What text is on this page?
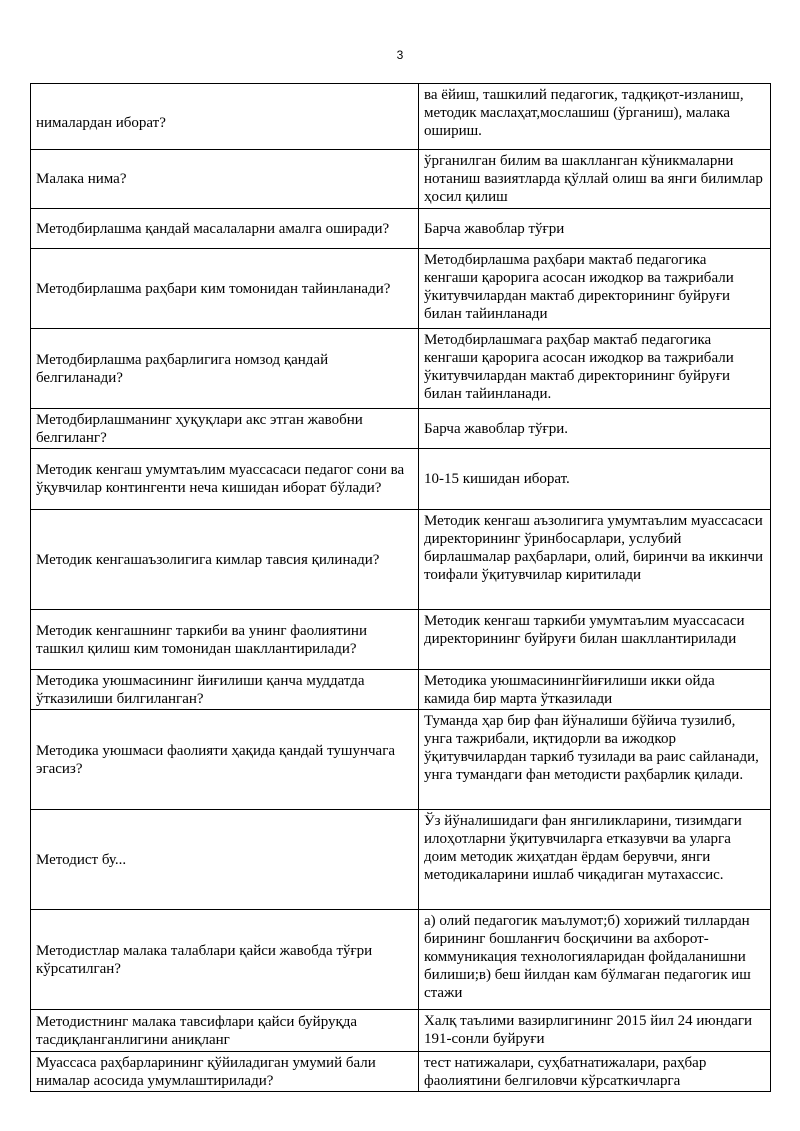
3
нималардан иборат?	ва ёйиш, ташкилий педагогик, тадқиқот-изланиш, методик маслаҳат,мослашиш (ўрганиш), малака ошириш.
Малака нима?	ўрганилган билим ва шаклланган кўникмаларни нотаниш вазиятларда қўллай олиш ва янги билимлар ҳосил қилиш
Методбирлашма қандай масалаларни амалга оширади?	Барча жавоблар тўғри
Методбирлашма раҳбари ким томонидан тайинланади?	Методбирлашма раҳбари мактаб педагогика кенгаши қарорига асосан ижодкор ва тажрибали ўкитувчилардан мактаб директорининг буйруғи билан тайинланади
Методбирлашма раҳбарлигига номзод қандай белгиланади?	Методбирлашмага раҳбар мактаб педагогика кенгаши қарорига асосан ижодкор ва тажрибали ўкитувчилардан мактаб директорининг буйруғи билан тайинланади.
Методбирлашманинг ҳуқуқлари акс этган жавобни белгиланг?	Барча жавоблар тўғри.
Методик кенгаш умумтаълим муассасаси педагог сони ва ўқувчилар контингенти неча кишидан иборат бўлади?	10-15 кишидан иборат.
Методик кенгашаъзолигига кимлар тавсия қилинади?	Методик кенгаш аъзолигига умумтаълим муассасаси директорининг ўринбосарлари, услубий бирлашмалар раҳбарлари, олий, биринчи ва иккинчи тоифали ўқитувчилар киритилади
Методик кенгашнинг таркиби ва унинг фаолиятини ташкил қилиш ким томонидан шакллантирилади?	Методик кенгаш таркиби умумтаълим муассасаси директорининг буйруғи билан шакллантирилади
Методика уюшмасининг йиғилиши қанча муддатда ўтказилиши билгиланган?	Методика уюшмасинингйиғилиши икки ойда камида бир марта ўтказилади
Методика уюшмаси фаолияти ҳақида қандай тушунчага эгасиз?	Туманда ҳар бир фан йўналиши бўйича тузилиб, унга тажрибали, иқтидорли ва ижодкор ўқитувчилардан таркиб тузилади ва раис сайланади, унга тумандаги фан методисти раҳбарлик қилади.
Методист бу...	Ўз йўналишидаги фан янгиликларини, тизимдаги илоҳотларни ўқитувчиларга етказувчи ва уларга доим методик жиҳатдан ёрдам берувчи, янги методикаларини ишлаб чиқадиган мутахассис.
Методистлар малака талаблари қайси жавобда тўғри кўрсатилган?	а) олий педагогик маълумот;б) хорижий тиллардан бирининг бошланғич босқичини ва ахборот-коммуникация технологияларидан фойдаланишни билиши;в) беш йилдан кам бўлмаган педагогик иш стажи
Методистнинг малака тавсифлари қайси буйруқда тасдиқланганлигини аниқланг	Халқ таълими вазирлигининг 2015 йил 24 июндаги 191-сонли буйруғи
Муассаса раҳбарларининг қўйиладиган умумий бали нималар асосида умумлаштирилади?	тест натижалари, суҳбатнатижалари, раҳбар фаолиятини белгиловчи кўрсаткичларга
